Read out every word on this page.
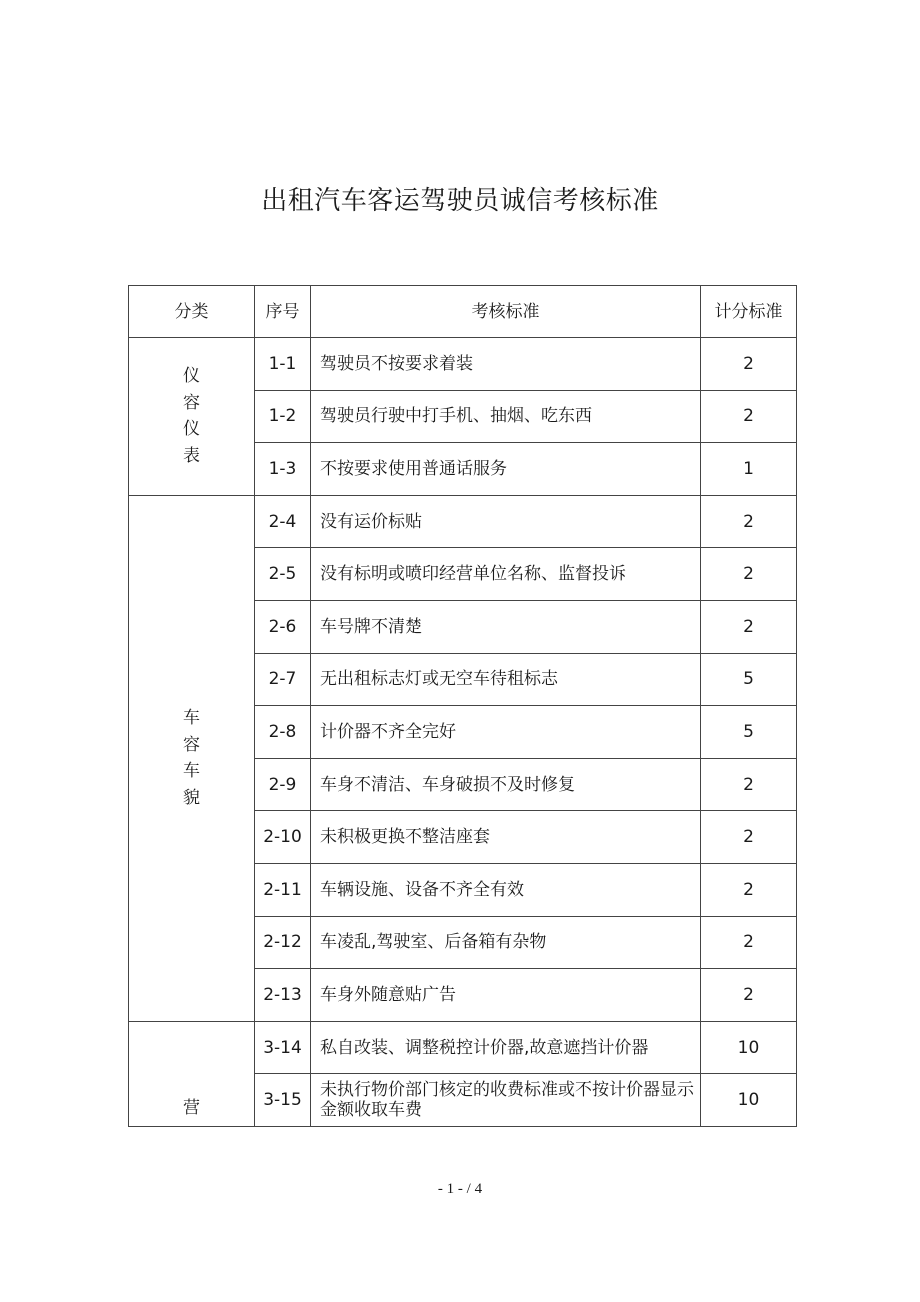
出租汽车客运驾驶员诚信考核标准
分类	序号	考核标准	计分标准

仪
容
仪
表	1-1	驾驶员不按要求着装	2
	1-2	驾驶员行驶中打手机、抽烟、吃东西	2
	1-3	不按要求使用普通话服务	1

车
容
车
貌	2-4	没有运价标贴	2
	2-5	没有标明或喷印经营单位名称、监督投诉	2
	2-6	车号牌不清楚	2
	2-7	无出租标志灯或无空车待租标志	5
	2-8	计价器不齐全完好	5
	2-9	车身不清洁、车身破损不及时修复	2
	2-10	未积极更换不整洁座套	2
	2-11	车辆设施、设备不齐全有效	2
	2-12	车凌乱,驾驶室、后备箱有杂物	2
	2-13	车身外随意贴广告	2

营	3-14	私自改装、调整税控计价器,故意遮挡计价器	10
	3-15	未执行物价部门核定的收费标准或不按计价器显示金额收取车费	10
- 1 - / 4
